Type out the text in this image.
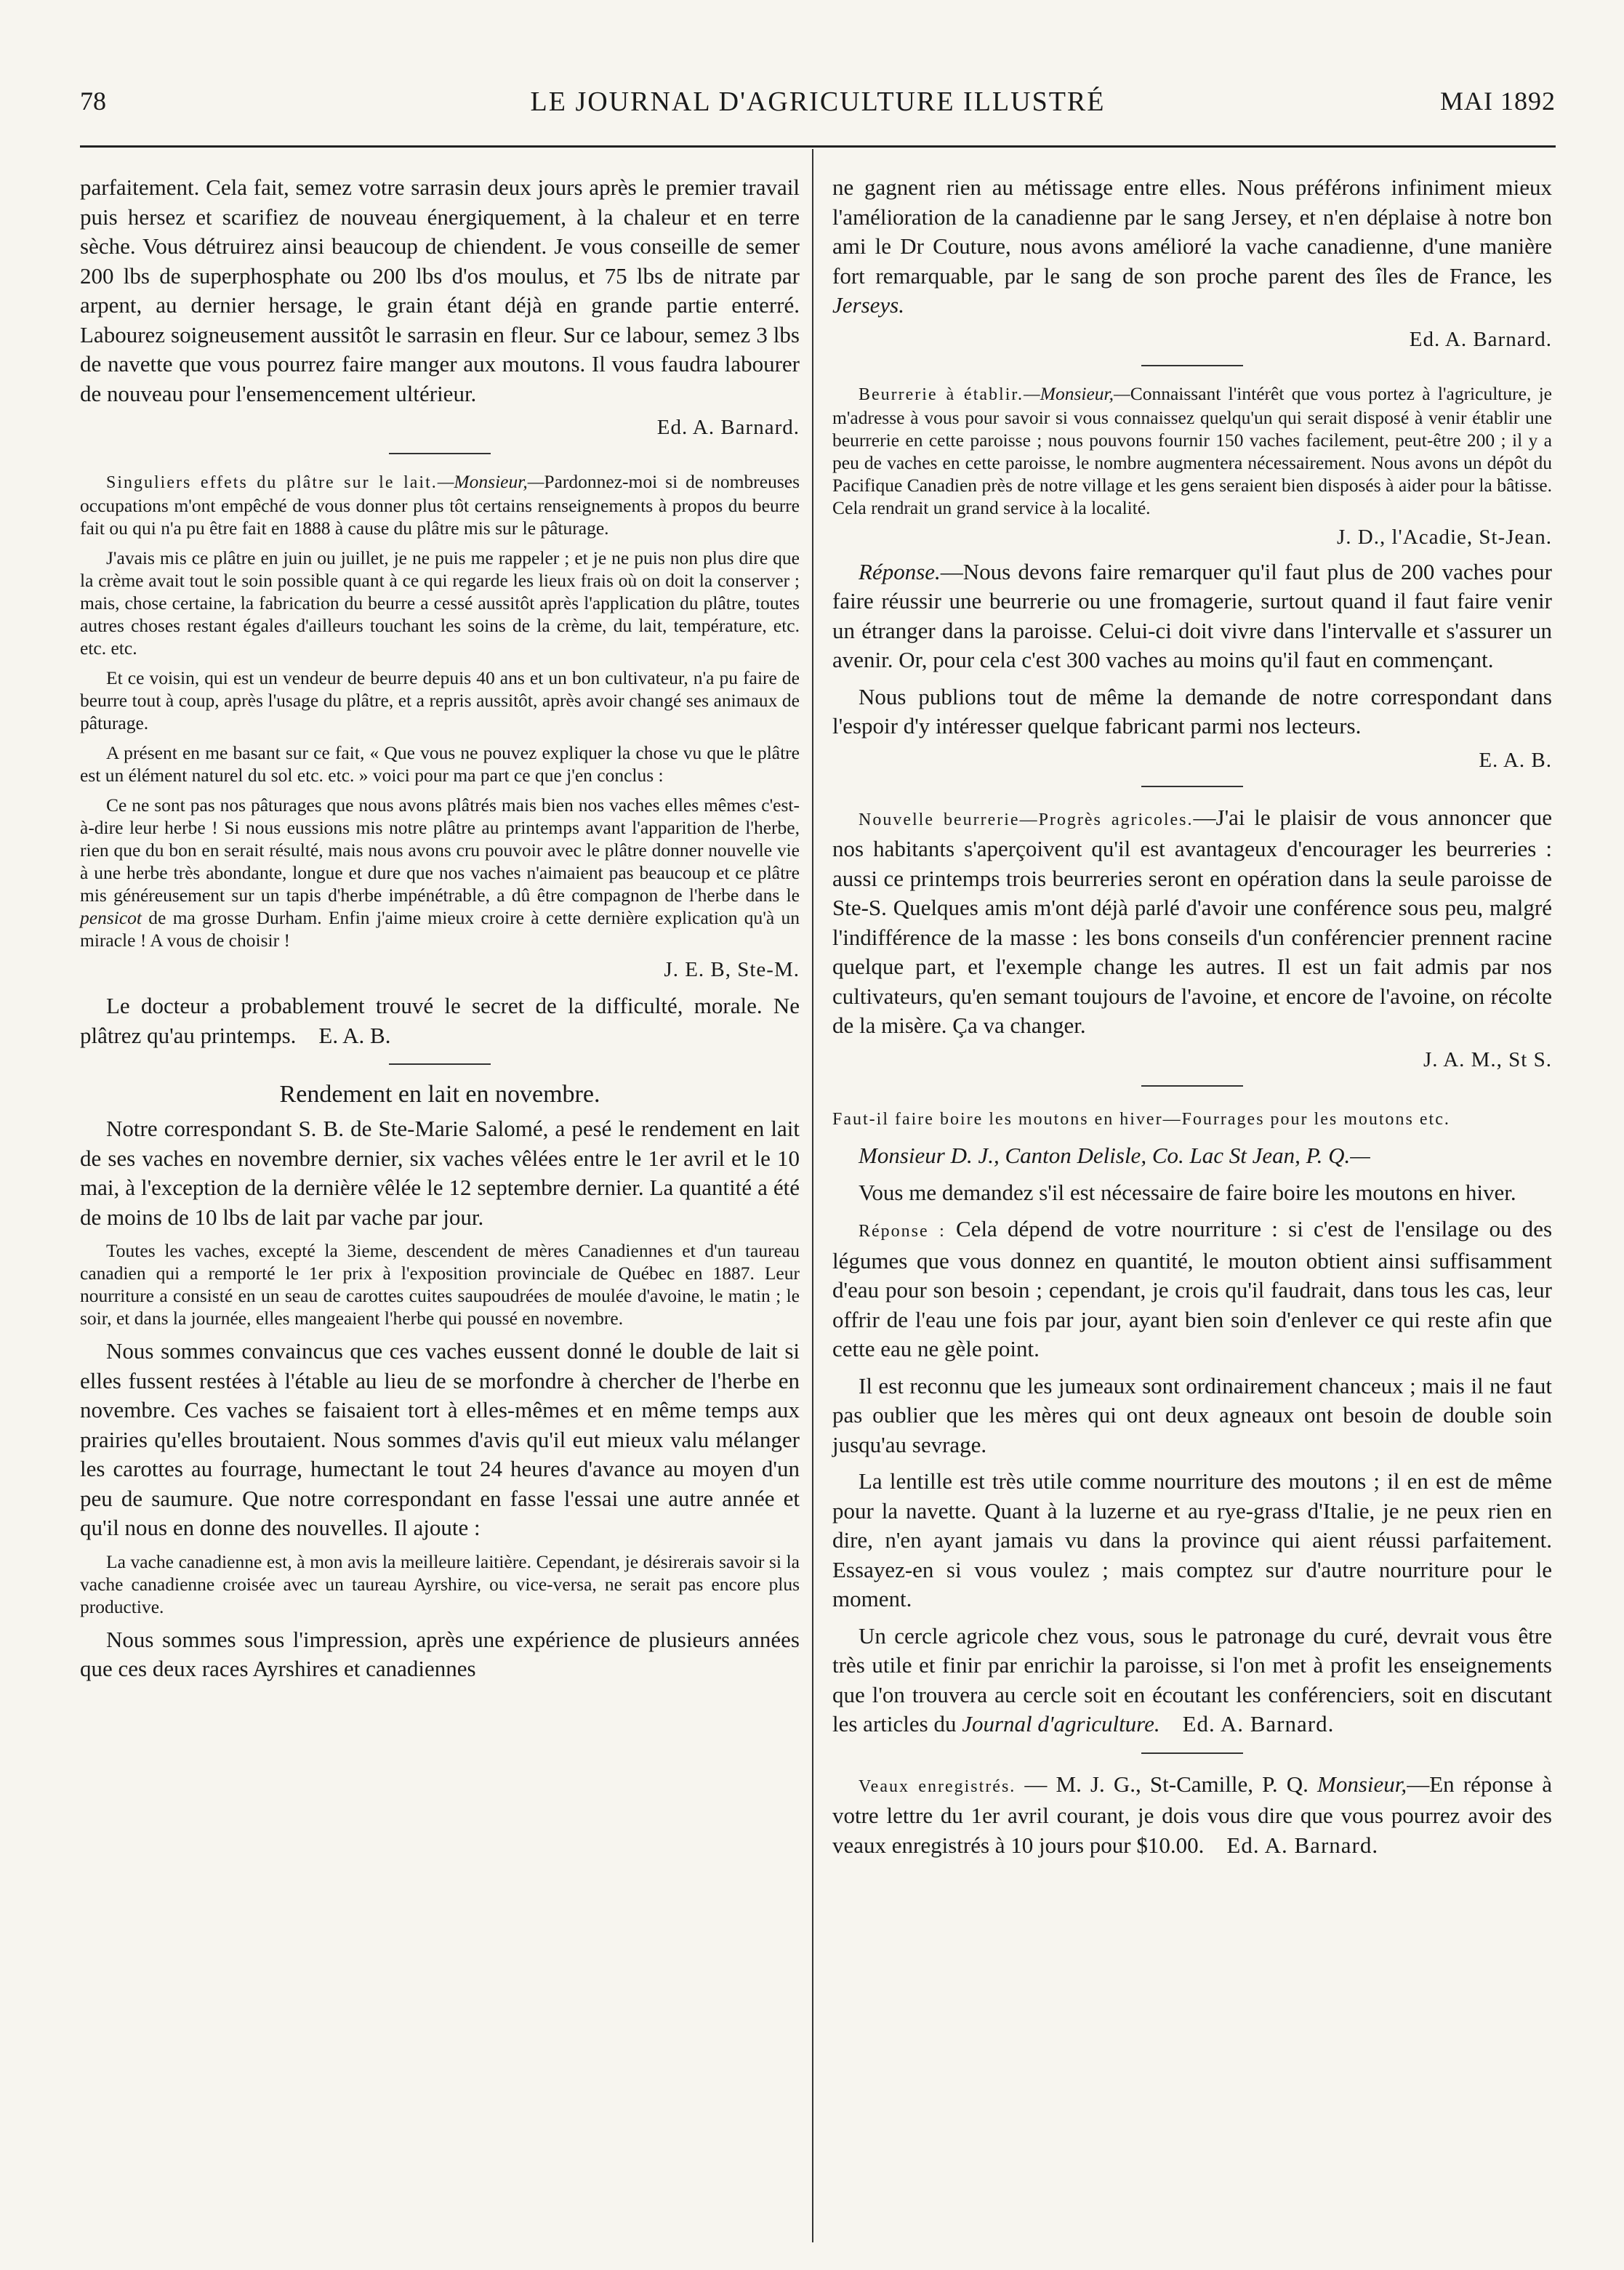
78	LE JOURNAL D'AGRICULTURE ILLUSTRÉ	MAI 1892

parfaitement. Cela fait, semez votre sarrasin deux jours après le premier travail puis hersez et scarifiez de nouveau énergiquement, à la chaleur et en terre sèche. Vous détruirez ainsi beaucoup de chiendent. Je vous conseille de semer 200 lbs de superphosphate ou 200 lbs d'os moulus, et 75 lbs de nitrate par arpent, au dernier hersage, le grain étant déjà en grande partie enterré. Labourez soigneusement aussitôt le sarrasin en fleur. Sur ce labour, semez 3 lbs de navette que vous pourrez faire manger aux moutons. Il vous faudra labourer de nouveau pour l'ensemencement ultérieur.

Ed. A. Barnard.

Singuliers effets du plâtre sur le lait.—Monsieur,—Pardonnez-moi si de nombreuses occupations m'ont empêché de vous donner plus tôt certains renseignements à propos du beurre fait ou qui n'a pu être fait en 1888 à cause du plâtre mis sur le pâturage.

J'avais mis ce plâtre en juin ou juillet, je ne puis me rappeler ; et je ne puis non plus dire que la crème avait tout le soin possible quant à ce qui regarde les lieux frais où on doit la conserver ; mais, chose certaine, la fabrication du beurre a cessé aussitôt après l'application du plâtre, toutes autres choses restant égales d'ailleurs touchant les soins de la crème, du lait, température, etc. etc. etc.

Et ce voisin, qui est un vendeur de beurre depuis 40 ans et un bon cultivateur, n'a pu faire de beurre tout à coup, après l'usage du plâtre, et a repris aussitôt, après avoir changé ses animaux de pâturage.

A présent en me basant sur ce fait, « Que vous ne pouvez expliquer la chose vu que le plâtre est un élément naturel du sol etc. etc. » voici pour ma part ce que j'en conclus :

Ce ne sont pas nos pâturages que nous avons plâtrés mais bien nos vaches elles mêmes c'est-à-dire leur herbe ! Si nous eussions mis notre plâtre au printemps avant l'apparition de l'herbe, rien que du bon en serait résulté, mais nous avons cru pouvoir avec le plâtre donner nouvelle vie à une herbe très abondante, longue et dure que nos vaches n'aimaient pas beaucoup et ce plâtre mis généreusement sur un tapis d'herbe impénétrable, a dû être compagnon de l'herbe dans le pensicot de ma grosse Durham. Enfin j'aime mieux croire à cette dernière explication qu'à un miracle ! A vous de choisir !

J. E. B, Ste-M.

Le docteur a probablement trouvé le secret de la difficulté, morale. Ne plâtrez qu'au printemps. E. A. B.

Rendement en lait en novembre.

Notre correspondant S. B. de Ste-Marie Salomé, a pesé le rendement en lait de ses vaches en novembre dernier, six vaches vêlées entre le 1er avril et le 10 mai, à l'exception de la dernière vêlée le 12 septembre dernier. La quantité a été de moins de 10 lbs de lait par vache par jour.

Toutes les vaches, excepté la 3ieme, descendent de mères Canadiennes et d'un taureau canadien qui a remporté le 1er prix à l'exposition provinciale de Québec en 1887. Leur nourriture a consisté en un seau de carottes cuites saupoudrées de moulée d'avoine, le matin ; le soir, et dans la journée, elles mangeaient l'herbe qui poussé en novembre.

Nous sommes convaincus que ces vaches eussent donné le double de lait si elles fussent restées à l'étable au lieu de se morfondre à chercher de l'herbe en novembre. Ces vaches se faisaient tort à elles-mêmes et en même temps aux prairies qu'elles broutaient. Nous sommes d'avis qu'il eut mieux valu mélanger les carottes au fourrage, humectant le tout 24 heures d'avance au moyen d'un peu de saumure. Que notre correspondant en fasse l'essai une autre année et qu'il nous en donne des nouvelles. Il ajoute :

La vache canadienne est, à mon avis la meilleure laitière. Cependant, je désirerais savoir si la vache canadienne croisée avec un taureau Ayrshire, ou vice-versa, ne serait pas encore plus productive.

Nous sommes sous l'impression, après une expérience de plusieurs années que ces deux races Ayrshires et canadiennes

ne gagnent rien au métissage entre elles. Nous préférons infiniment mieux l'amélioration de la canadienne par le sang Jersey, et n'en déplaise à notre bon ami le Dr Couture, nous avons amélioré la vache canadienne, d'une manière fort remarquable, par le sang de son proche parent des îles de France, les Jerseys.

Ed. A. Barnard.

Beurrerie à établir.—Monsieur,—Connaissant l'intérêt que vous portez à l'agriculture, je m'adresse à vous pour savoir si vous connaissez quelqu'un qui serait disposé à venir établir une beurrerie en cette paroisse ; nous pouvons fournir 150 vaches facilement, peut-être 200 ; il y a peu de vaches en cette paroisse, le nombre augmentera nécessairement. Nous avons un dépôt du Pacifique Canadien près de notre village et les gens seraient bien disposés à aider pour la bâtisse. Cela rendrait un grand service à la localité.

J. D., l'Acadie, St-Jean.

Réponse.—Nous devons faire remarquer qu'il faut plus de 200 vaches pour faire réussir une beurrerie ou une fromagerie, surtout quand il faut faire venir un étranger dans la paroisse. Celui-ci doit vivre dans l'intervalle et s'assurer un avenir. Or, pour cela c'est 300 vaches au moins qu'il faut en commençant.

Nous publions tout de même la demande de notre correspondant dans l'espoir d'y intéresser quelque fabricant parmi nos lecteurs.

E. A. B.

Nouvelle beurrerie—Progrès agricoles.—J'ai le plaisir de vous annoncer que nos habitants s'aperçoivent qu'il est avantageux d'encourager les beurreries : aussi ce printemps trois beurreries seront en opération dans la seule paroisse de Ste-S. Quelques amis m'ont déjà parlé d'avoir une conférence sous peu, malgré l'indifférence de la masse : les bons conseils d'un conférencier prennent racine quelque part, et l'exemple change les autres. Il est un fait admis par nos cultivateurs, qu'en semant toujours de l'avoine, et encore de l'avoine, on récolte de la misère. Ça va changer.

J. A. M., St S.

Faut-il faire boire les moutons en hiver—Fourrages pour les moutons etc.

Monsieur D. J., Canton Delisle, Co. Lac St Jean, P. Q.—

Vous me demandez s'il est nécessaire de faire boire les moutons en hiver.

Réponse : Cela dépend de votre nourriture : si c'est de l'ensilage ou des légumes que vous donnez en quantité, le mouton obtient ainsi suffisamment d'eau pour son besoin ; cependant, je crois qu'il faudrait, dans tous les cas, leur offrir de l'eau une fois par jour, ayant bien soin d'enlever ce qui reste afin que cette eau ne gèle point.

Il est reconnu que les jumeaux sont ordinairement chanceux ; mais il ne faut pas oublier que les mères qui ont deux agneaux ont besoin de double soin jusqu'au sevrage.

La lentille est très utile comme nourriture des moutons ; il en est de même pour la navette. Quant à la luzerne et au rye-grass d'Italie, je ne peux rien en dire, n'en ayant jamais vu dans la province qui aient réussi parfaitement. Essayez-en si vous voulez ; mais comptez sur d'autre nourriture pour le moment.

Un cercle agricole chez vous, sous le patronage du curé, devrait vous être très utile et finir par enrichir la paroisse, si l'on met à profit les enseignements que l'on trouvera au cercle soit en écoutant les conférenciers, soit en discutant les articles du Journal d'agriculture. Ed. A. Barnard.

Veaux enregistrés. — M. J. G., St-Camille, P. Q. Monsieur,—En réponse à votre lettre du 1er avril courant, je dois vous dire que vous pourrez avoir des veaux enregistrés à 10 jours pour $10.00. Ed. A. Barnard.
